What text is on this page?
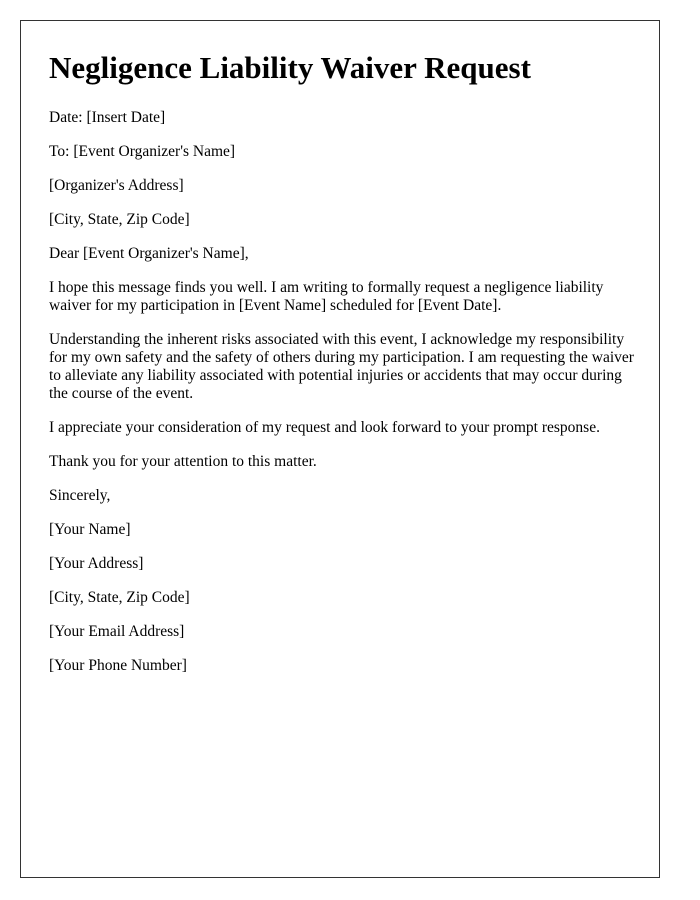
Negligence Liability Waiver Request

Date: [Insert Date]

To: [Event Organizer's Name]

[Organizer's Address]

[City, State, Zip Code]

Dear [Event Organizer's Name],

I hope this message finds you well. I am writing to formally request a negligence liability waiver for my participation in [Event Name] scheduled for [Event Date].

Understanding the inherent risks associated with this event, I acknowledge my responsibility for my own safety and the safety of others during my participation. I am requesting the waiver to alleviate any liability associated with potential injuries or accidents that may occur during the course of the event.

I appreciate your consideration of my request and look forward to your prompt response.

Thank you for your attention to this matter.

Sincerely,

[Your Name]

[Your Address]

[City, State, Zip Code]

[Your Email Address]

[Your Phone Number]
